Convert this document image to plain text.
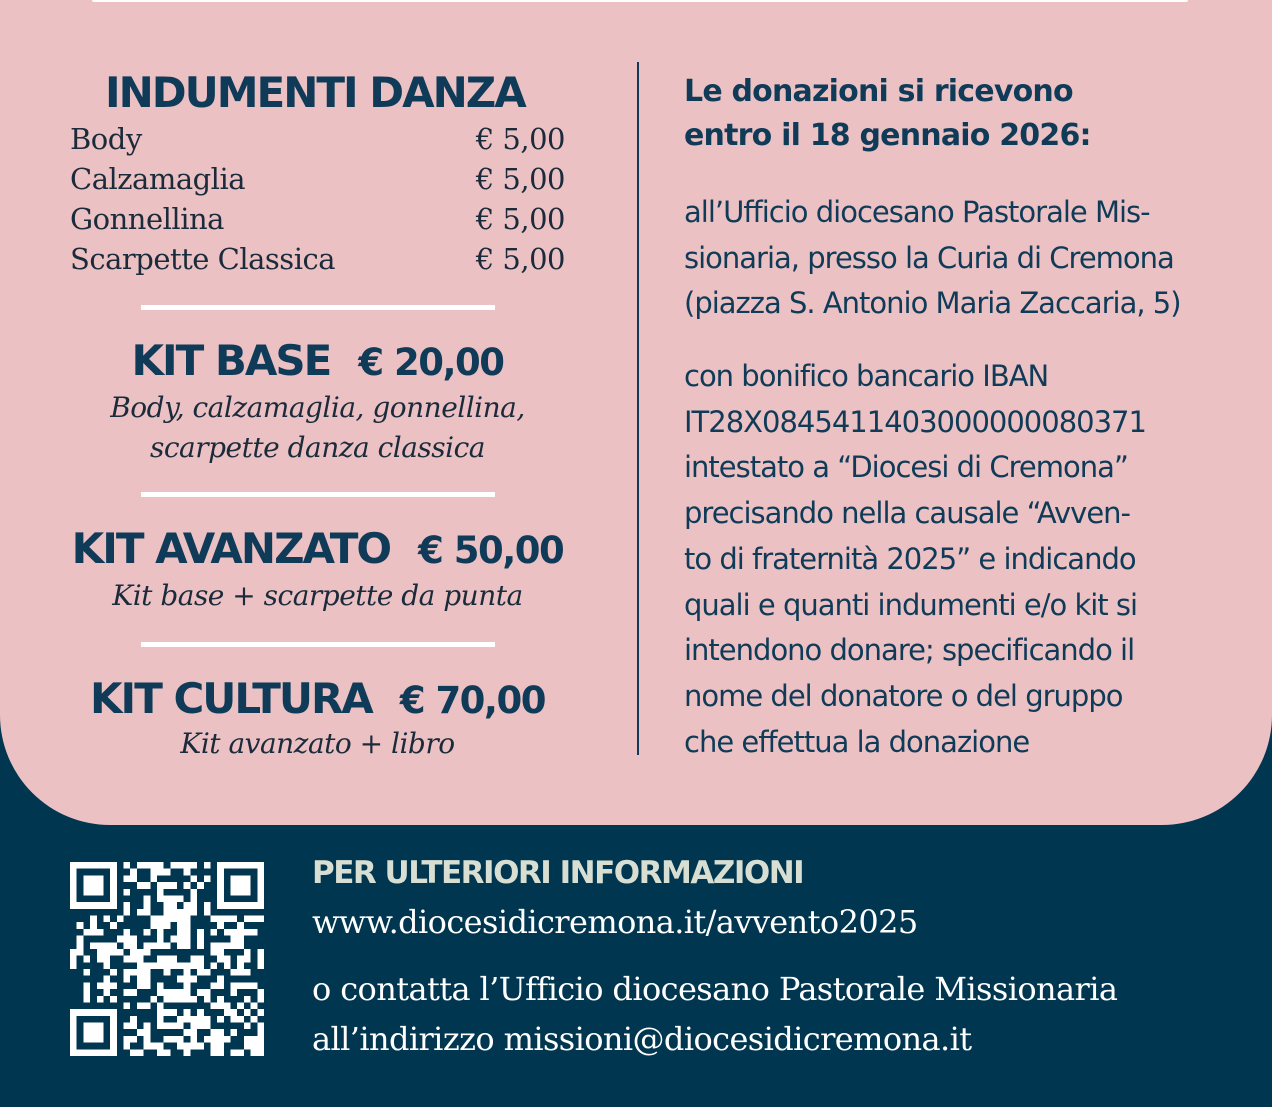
INDUMENTI DANZA
Body	€ 5,00
Calzamaglia	€ 5,00
Gonnellina	€ 5,00
Scarpette Classica	€ 5,00
KIT BASE € 20,00
Body, calzamaglia, gonnellina,
scarpette danza classica
KIT AVANZATO € 50,00
Kit base + scarpette da punta
KIT CULTURA € 70,00
Kit avanzato + libro
Le donazioni si ricevono
entro il 18 gennaio 2026:
all’Ufficio diocesano Pastorale Mis-
sionaria, presso la Curia di Cremona
(piazza S. Antonio Maria Zaccaria, 5)
con bonifico bancario IBAN
IT28X0845411403000000080371
intestato a “Diocesi di Cremona”
precisando nella causale “Avven-
to di fraternità 2025” e indicando
quali e quanti indumenti e/o kit si
intendono donare; specificando il
nome del donatore o del gruppo
che effettua la donazione
PER ULTERIORI INFORMAZIONI
www.diocesidicremona.it/avvento2025
o contatta l’Ufficio diocesano Pastorale Missionaria
all’indirizzo missioni@diocesidicremona.it
